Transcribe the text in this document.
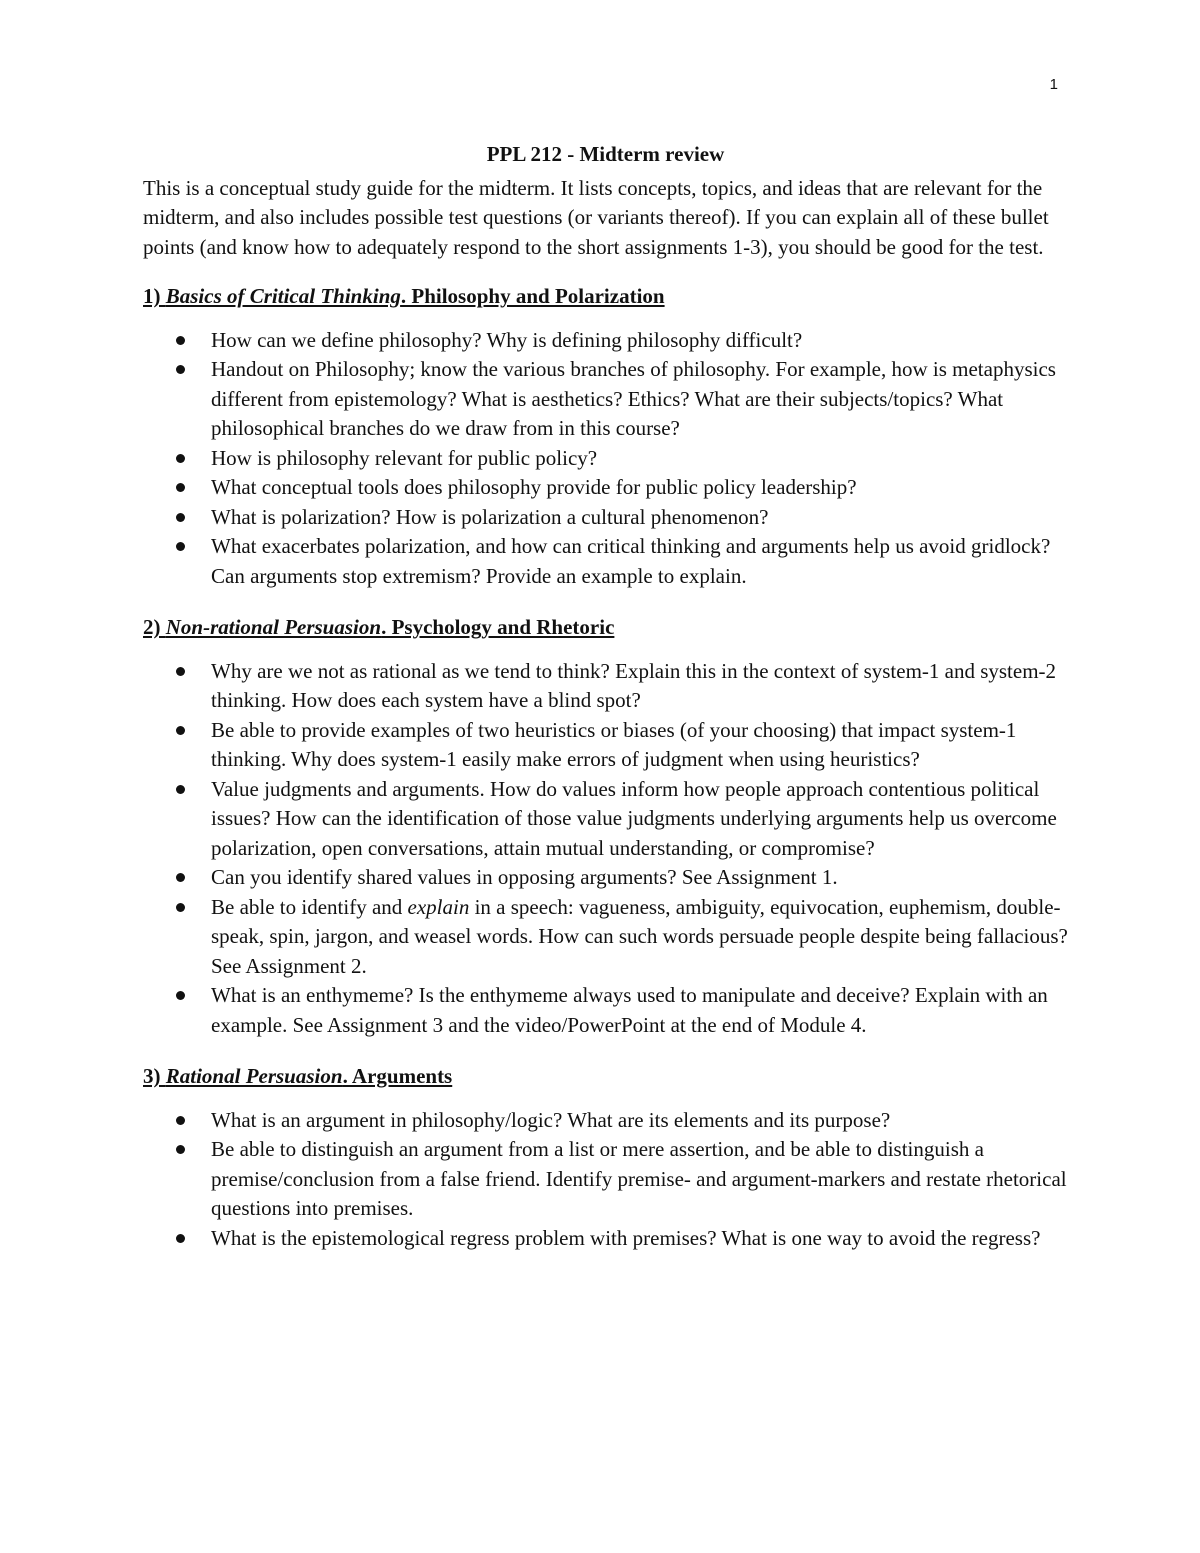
1

PPL 212 - Midterm review

This is a conceptual study guide for the midterm. It lists concepts, topics, and ideas that are relevant for the midterm, and also includes possible test questions (or variants thereof). If you can explain all of these bullet points (and know how to adequately respond to the short assignments 1-3), you should be good for the test.

1) Basics of Critical Thinking. Philosophy and Polarization

How can we define philosophy? Why is defining philosophy difficult?
Handout on Philosophy; know the various branches of philosophy. For example, how is metaphysics different from epistemology? What is aesthetics? Ethics? What are their subjects/topics? What philosophical branches do we draw from in this course?
How is philosophy relevant for public policy?
What conceptual tools does philosophy provide for public policy leadership?
What is polarization? How is polarization a cultural phenomenon?
What exacerbates polarization, and how can critical thinking and arguments help us avoid gridlock? Can arguments stop extremism? Provide an example to explain.

2) Non-rational Persuasion. Psychology and Rhetoric

Why are we not as rational as we tend to think? Explain this in the context of system-1 and system-2 thinking. How does each system have a blind spot?
Be able to provide examples of two heuristics or biases (of your choosing) that impact system-1 thinking. Why does system-1 easily make errors of judgment when using heuristics?
Value judgments and arguments. How do values inform how people approach contentious political issues? How can the identification of those value judgments underlying arguments help us overcome polarization, open conversations, attain mutual understanding, or compromise?
Can you identify shared values in opposing arguments? See Assignment 1.
Be able to identify and explain in a speech: vagueness, ambiguity, equivocation, euphemism, double-speak, spin, jargon, and weasel words. How can such words persuade people despite being fallacious? See Assignment 2.
What is an enthymeme? Is the enthymeme always used to manipulate and deceive? Explain with an example. See Assignment 3 and the video/PowerPoint at the end of Module 4.

3) Rational Persuasion. Arguments

What is an argument in philosophy/logic? What are its elements and its purpose?
Be able to distinguish an argument from a list or mere assertion, and be able to distinguish a premise/conclusion from a false friend. Identify premise- and argument-markers and restate rhetorical questions into premises.
What is the epistemological regress problem with premises? What is one way to avoid the regress?
